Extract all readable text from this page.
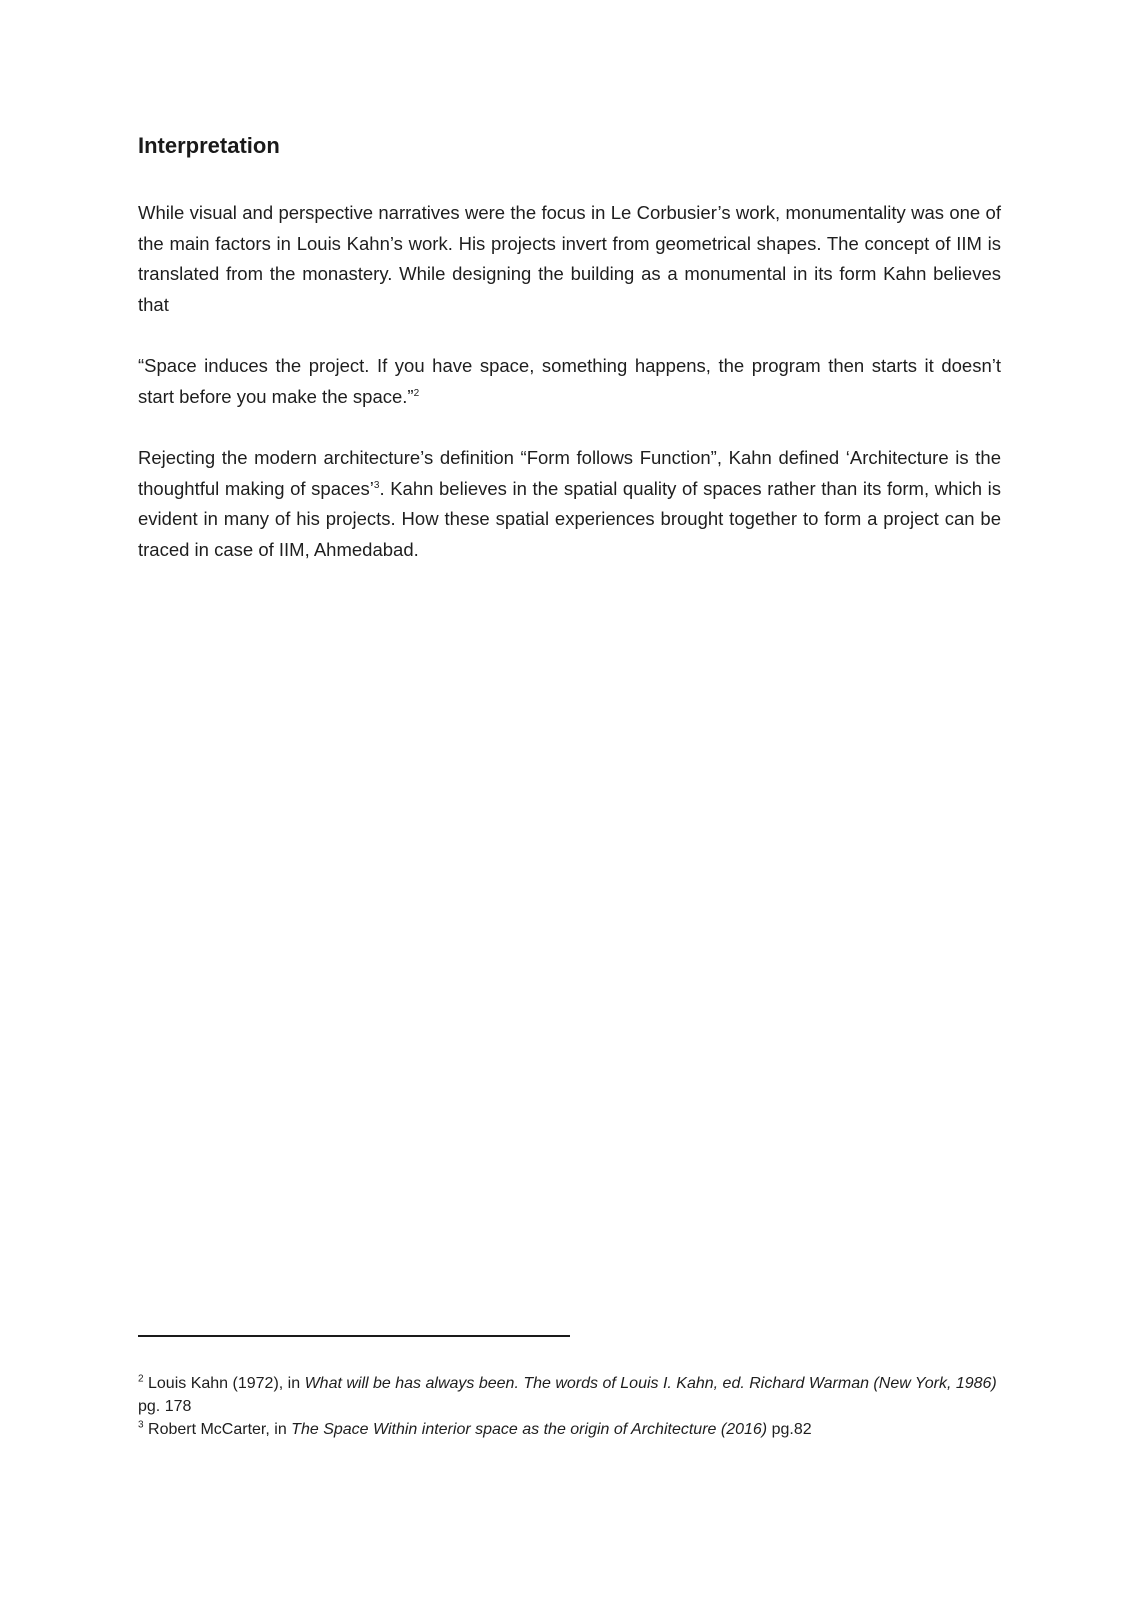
Interpretation

While visual and perspective narratives were the focus in Le Corbusier’s work, monumentality was one of the main factors in Louis Kahn’s work. His projects invert from geometrical shapes. The concept of IIM is translated from the monastery. While designing the building as a monumental in its form Kahn believes that

“Space induces the project. If you have space, something happens, the program then starts it doesn’t start before you make the space.”$^2$

Rejecting the modern architecture’s definition “Form follows Function”, Kahn defined ‘Architecture is the thoughtful making of spaces’$^3$. Kahn believes in the spatial quality of spaces rather than its form, which is evident in many of his projects. How these spatial experiences brought together to form a project can be traced in case of IIM, Ahmedabad.

$^2$ Louis Kahn (1972), in What will be has always been. The words of Louis I. Kahn, ed. Richard Warman (New York, 1986) pg. 178

$^3$ Robert McCarter, in The Space Within interior space as the origin of Architecture (2016) pg.82
